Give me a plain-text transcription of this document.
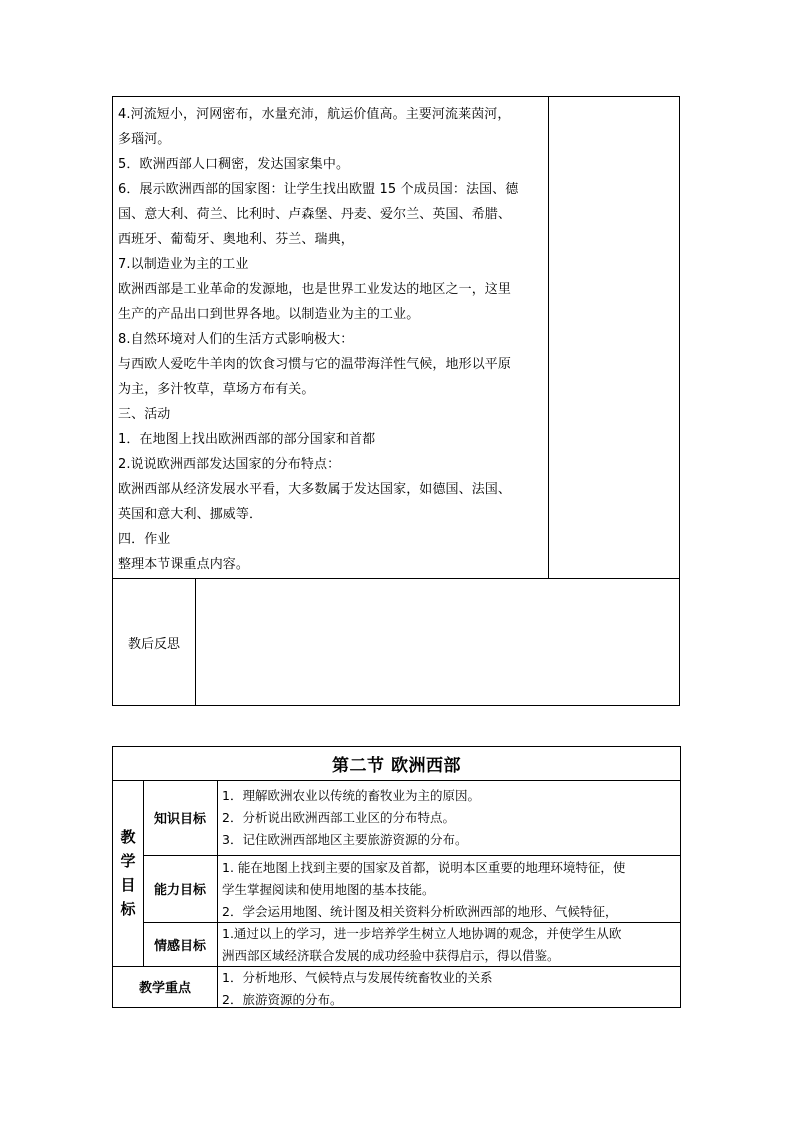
4.河流短小，河网密布，水量充沛，航运价值高。主要河流莱茵河，
多瑙河。
5．欧洲西部人口稠密，发达国家集中。
6．展示欧洲西部的国家图：让学生找出欧盟 15 个成员国：法国、德
国、意大利、荷兰、比利时、卢森堡、丹麦、爱尔兰、英国、希腊、
西班牙、葡萄牙、奥地利、芬兰、瑞典，
7.以制造业为主的工业
欧洲西部是工业革命的发源地，也是世界工业发达的地区之一，这里
生产的产品出口到世界各地。以制造业为主的工业。
8.自然环境对人们的生活方式影响极大：
与西欧人爱吃牛羊肉的饮食习惯与它的温带海洋性气候，地形以平原
为主，多汁牧草，草场方布有关。
三、活动
1．在地图上找出欧洲西部的部分国家和首都
2.说说欧洲西部发达国家的分布特点：
欧洲西部从经济发展水平看，大多数属于发达国家，如德国、法国、
英国和意大利、挪威等．
四．作业
整理本节课重点内容。
教后反思
第二节 欧洲西部
教
学
目
标
知识目标
1．理解欧洲农业以传统的畜牧业为主的原因。
2．分析说出欧洲西部工业区的分布特点。
3．记住欧洲西部地区主要旅游资源的分布。
能力目标
1. 能在地图上找到主要的国家及首都，说明本区重要的地理环境特征，使
学生掌握阅读和使用地图的基本技能。
2．学会运用地图、统计图及相关资料分析欧洲西部的地形、气候特征，
情感目标
1.通过以上的学习，进一步培养学生树立人地协调的观念，并使学生从欧
洲西部区域经济联合发展的成功经验中获得启示，得以借鉴。
教学重点
1．分析地形、气候特点与发展传统畜牧业的关系
2．旅游资源的分布。
